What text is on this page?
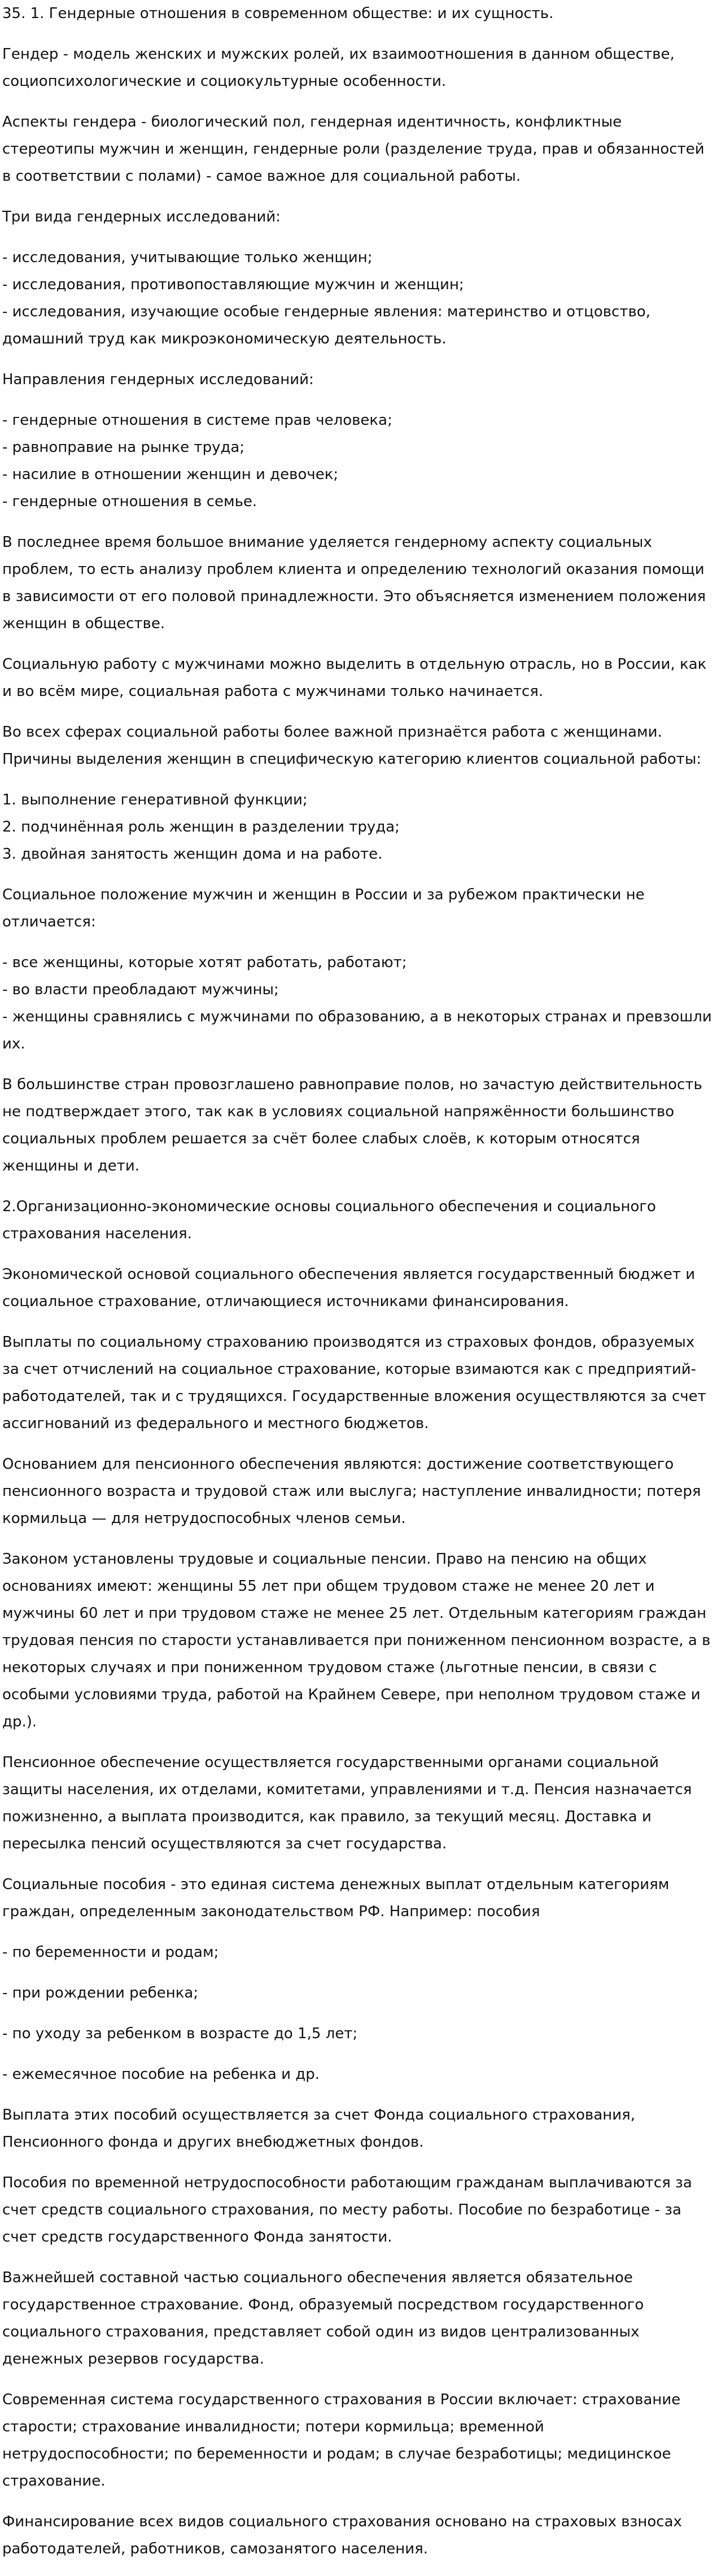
35. 1. Гендерные отношения в современном обществе: и их сущность.

Гендер - модель женских и мужских ролей, их взаимоотношения в данном обществе, социопсихологические и социокультурные особенности.

Аспекты гендера - биологический пол, гендерная идентичность, конфликтные стереотипы мужчин и женщин, гендерные роли (разделение труда, прав и обязанностей в соответствии с полами) - самое важное для социальной работы.

Три вида гендерных исследований:

- исследования, учитывающие только женщин;
- исследования, противопоставляющие мужчин и женщин;
- исследования, изучающие особые гендерные явления: материнство и отцовство, домашний труд как микроэкономическую деятельность.

Направления гендерных исследований:

- гендерные отношения в системе прав человека;
- равноправие на рынке труда;
- насилие в отношении женщин и девочек;
- гендерные отношения в семье.

В последнее время большое внимание уделяется гендерному аспекту социальных проблем, то есть анализу проблем клиента и определению технологий оказания помощи в зависимости от его половой принадлежности. Это объясняется изменением положения женщин в обществе.

Социальную работу с мужчинами можно выделить в отдельную отрасль, но в России, как и во всём мире, социальная работа с мужчинами только начинается.

Во всех сферах социальной работы более важной признаётся работа с женщинами. Причины выделения женщин в специфическую категорию клиентов социальной работы:

1. выполнение генеративной функции;
2. подчинённая роль женщин в разделении труда;
3. двойная занятость женщин дома и на работе.

Социальное положение мужчин и женщин в России и за рубежом практически не отличается:

- все женщины, которые хотят работать, работают;
- во власти преобладают мужчины;
- женщины сравнялись с мужчинами по образованию, а в некоторых странах и превзошли их.

В большинстве стран провозглашено равноправие полов, но зачастую действительность не подтверждает этого, так как в условиях социальной напряжённости большинство социальных проблем решается за счёт более слабых слоёв, к которым относятся женщины и дети.

2.Организационно-экономические основы социального обеспечения и социального страхования населения.

Экономической основой социального обеспечения является государственный бюджет и социальное страхование, отличающиеся источниками финансирования.

Выплаты по социальному страхованию производятся из страховых фондов, образуемых за счет отчислений на социальное страхование, которые взимаются как с предприятий-работодателей, так и с трудящихся. Государственные вложения осуществляются за счет ассигнований из федерального и местного бюджетов.

Основанием для пенсионного обеспечения являются: достижение соответствующего пенсионного возраста и трудовой стаж или выслугa; наступление инвалидности; потеря кормильца — для нетрудоспособных членов семьи.

Законом установлены трудовые и социальные пенсии. Право на пенсию на общих основаниях имеют: женщины 55 лет при общем трудовом стаже не менее 20 лет и мужчины 60 лет и при трудовом стаже не менее 25 лет. Отдельным категориям граждан трудовая пенсия по старости устанавливается при пониженном пенсионном возрасте, а в некоторых случаях и при пониженном трудовом стаже (льготные пенсии, в связи с особыми условиями труда, работой на Крайнем Севере, при неполном трудовом стаже и др.).

Пенсионное обеспечение осуществляется государственными органами социальной защиты населения, их отделами, комитетами, управлениями и т.д. Пенсия назначается пожизненно, а выплата производится, как правило, за текущий месяц. Доставка и пересылка пенсий осуществляются за счет государства.

Социальные пособия - это единая система денежных выплат отдельным категориям граждан, определенным законодательством РФ. Например: пособия

- по беременности и родам;

- при рождении ребенка;

- по уходу за ребенком в возрасте до 1,5 лет;

- ежемесячное пособие на ребенка и др.

Выплата этих пособий осуществляется за счет Фонда социального страхования, Пенсионного фонда и других внебюджетных фондов.

Пособия по временной нетрудоспособности работающим гражданам выплачиваются за счет средств социального страхования, по месту работы. Пособие по безработице - за счет средств государственного Фонда занятости.

Важнейшей составной частью социального обеспечения является обязательное государственное страхование. Фонд, образуемый посредством государственного социального страхования, представляет собой один из видов централизованных денежных резервов государства.

Современная система государственного страхования в России включает: страхование старости; страхование инвалидности; потери кормильца; временной нетрудоспособности; по беременности и родам; в случае безработицы; медицинское страхование.

Финансирование всех видов социального страхования основано на страховых взносах работодателей, работников, самозанятого населения.
